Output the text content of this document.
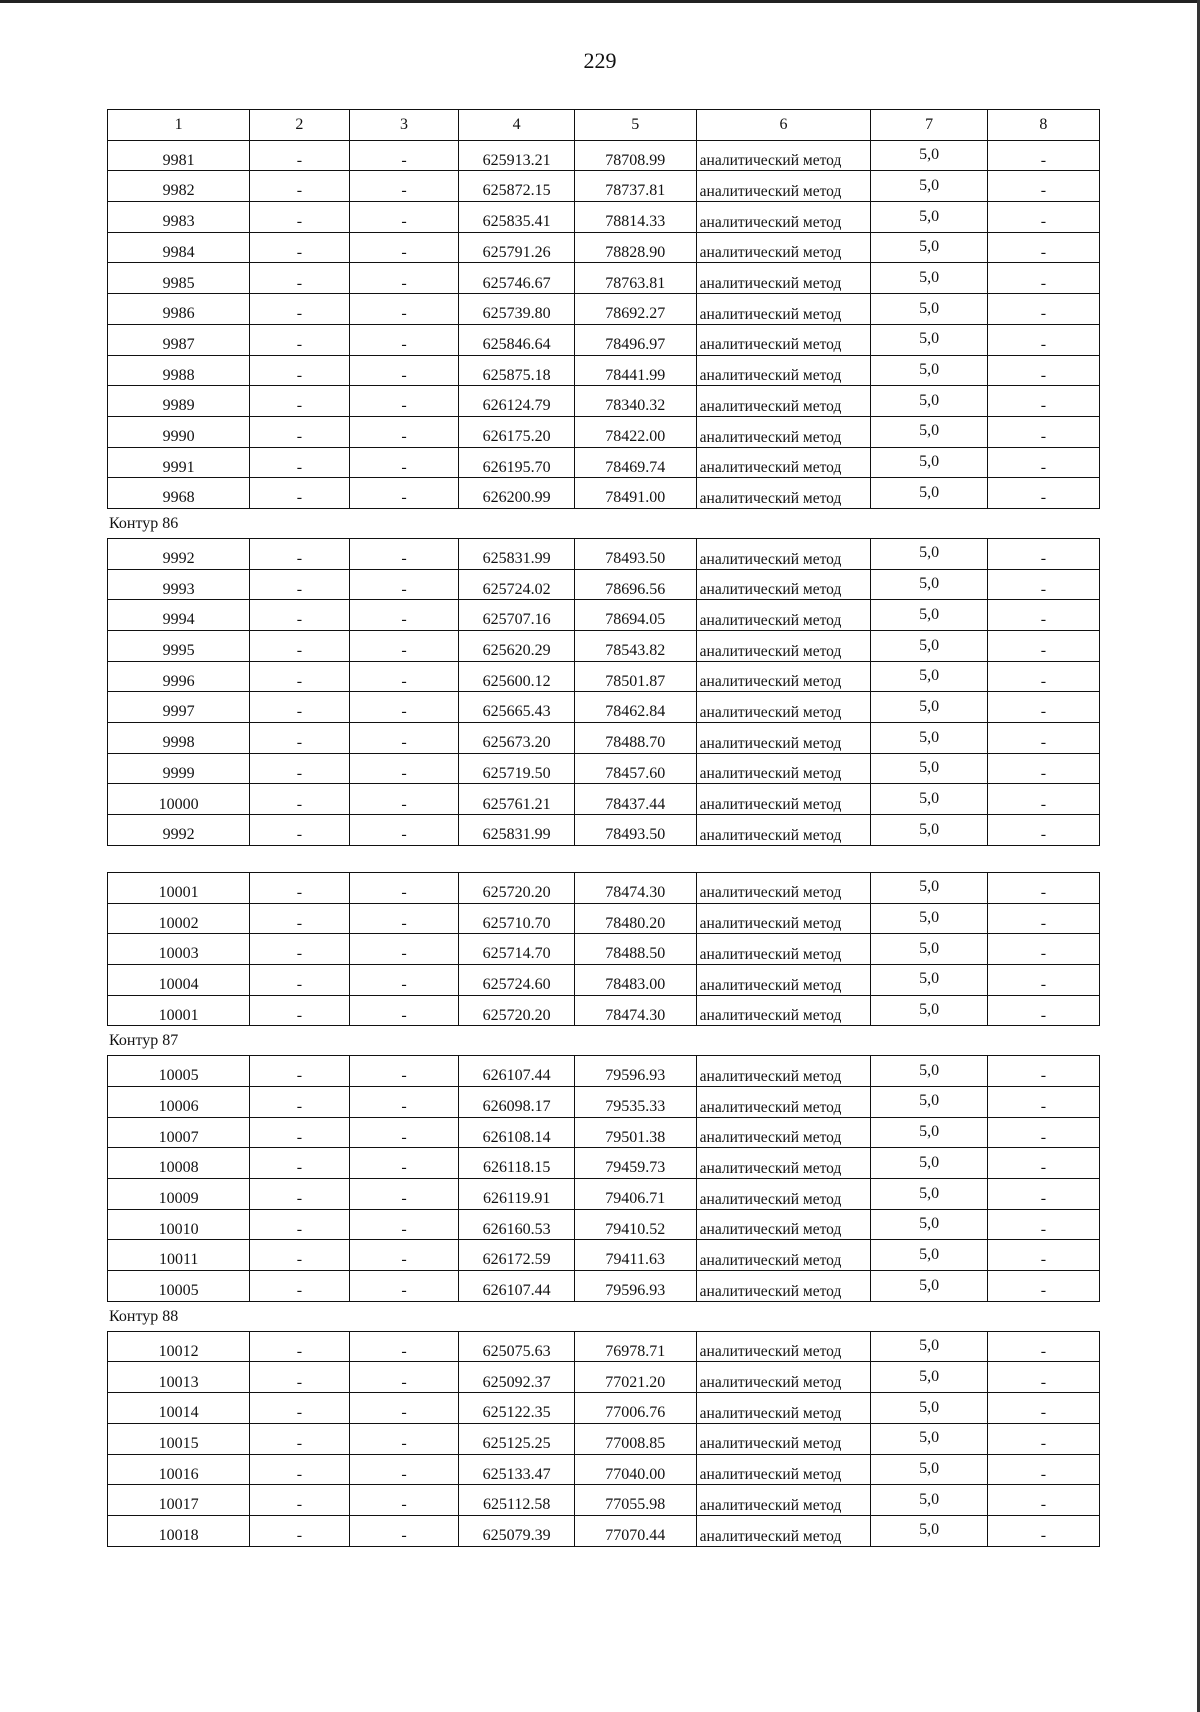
229
1	2	3	4	5	6	7	8
9981	-	-	625913.21	78708.99	аналитический метод	5,0	-
9982	-	-	625872.15	78737.81	аналитический метод	5,0	-
9983	-	-	625835.41	78814.33	аналитический метод	5,0	-
9984	-	-	625791.26	78828.90	аналитический метод	5,0	-
9985	-	-	625746.67	78763.81	аналитический метод	5,0	-
9986	-	-	625739.80	78692.27	аналитический метод	5,0	-
9987	-	-	625846.64	78496.97	аналитический метод	5,0	-
9988	-	-	625875.18	78441.99	аналитический метод	5,0	-
9989	-	-	626124.79	78340.32	аналитический метод	5,0	-
9990	-	-	626175.20	78422.00	аналитический метод	5,0	-
9991	-	-	626195.70	78469.74	аналитический метод	5,0	-
9968	-	-	626200.99	78491.00	аналитический метод	5,0	-
Контур 86
9992	-	-	625831.99	78493.50	аналитический метод	5,0	-
9993	-	-	625724.02	78696.56	аналитический метод	5,0	-
9994	-	-	625707.16	78694.05	аналитический метод	5,0	-
9995	-	-	625620.29	78543.82	аналитический метод	5,0	-
9996	-	-	625600.12	78501.87	аналитический метод	5,0	-
9997	-	-	625665.43	78462.84	аналитический метод	5,0	-
9998	-	-	625673.20	78488.70	аналитический метод	5,0	-
9999	-	-	625719.50	78457.60	аналитический метод	5,0	-
10000	-	-	625761.21	78437.44	аналитический метод	5,0	-
9992	-	-	625831.99	78493.50	аналитический метод	5,0	-
10001	-	-	625720.20	78474.30	аналитический метод	5,0	-
10002	-	-	625710.70	78480.20	аналитический метод	5,0	-
10003	-	-	625714.70	78488.50	аналитический метод	5,0	-
10004	-	-	625724.60	78483.00	аналитический метод	5,0	-
10001	-	-	625720.20	78474.30	аналитический метод	5,0	-
Контур 87
10005	-	-	626107.44	79596.93	аналитический метод	5,0	-
10006	-	-	626098.17	79535.33	аналитический метод	5,0	-
10007	-	-	626108.14	79501.38	аналитический метод	5,0	-
10008	-	-	626118.15	79459.73	аналитический метод	5,0	-
10009	-	-	626119.91	79406.71	аналитический метод	5,0	-
10010	-	-	626160.53	79410.52	аналитический метод	5,0	-
10011	-	-	626172.59	79411.63	аналитический метод	5,0	-
10005	-	-	626107.44	79596.93	аналитический метод	5,0	-
Контур 88
10012	-	-	625075.63	76978.71	аналитический метод	5,0	-
10013	-	-	625092.37	77021.20	аналитический метод	5,0	-
10014	-	-	625122.35	77006.76	аналитический метод	5,0	-
10015	-	-	625125.25	77008.85	аналитический метод	5,0	-
10016	-	-	625133.47	77040.00	аналитический метод	5,0	-
10017	-	-	625112.58	77055.98	аналитический метод	5,0	-
10018	-	-	625079.39	77070.44	аналитический метод	5,0	-
